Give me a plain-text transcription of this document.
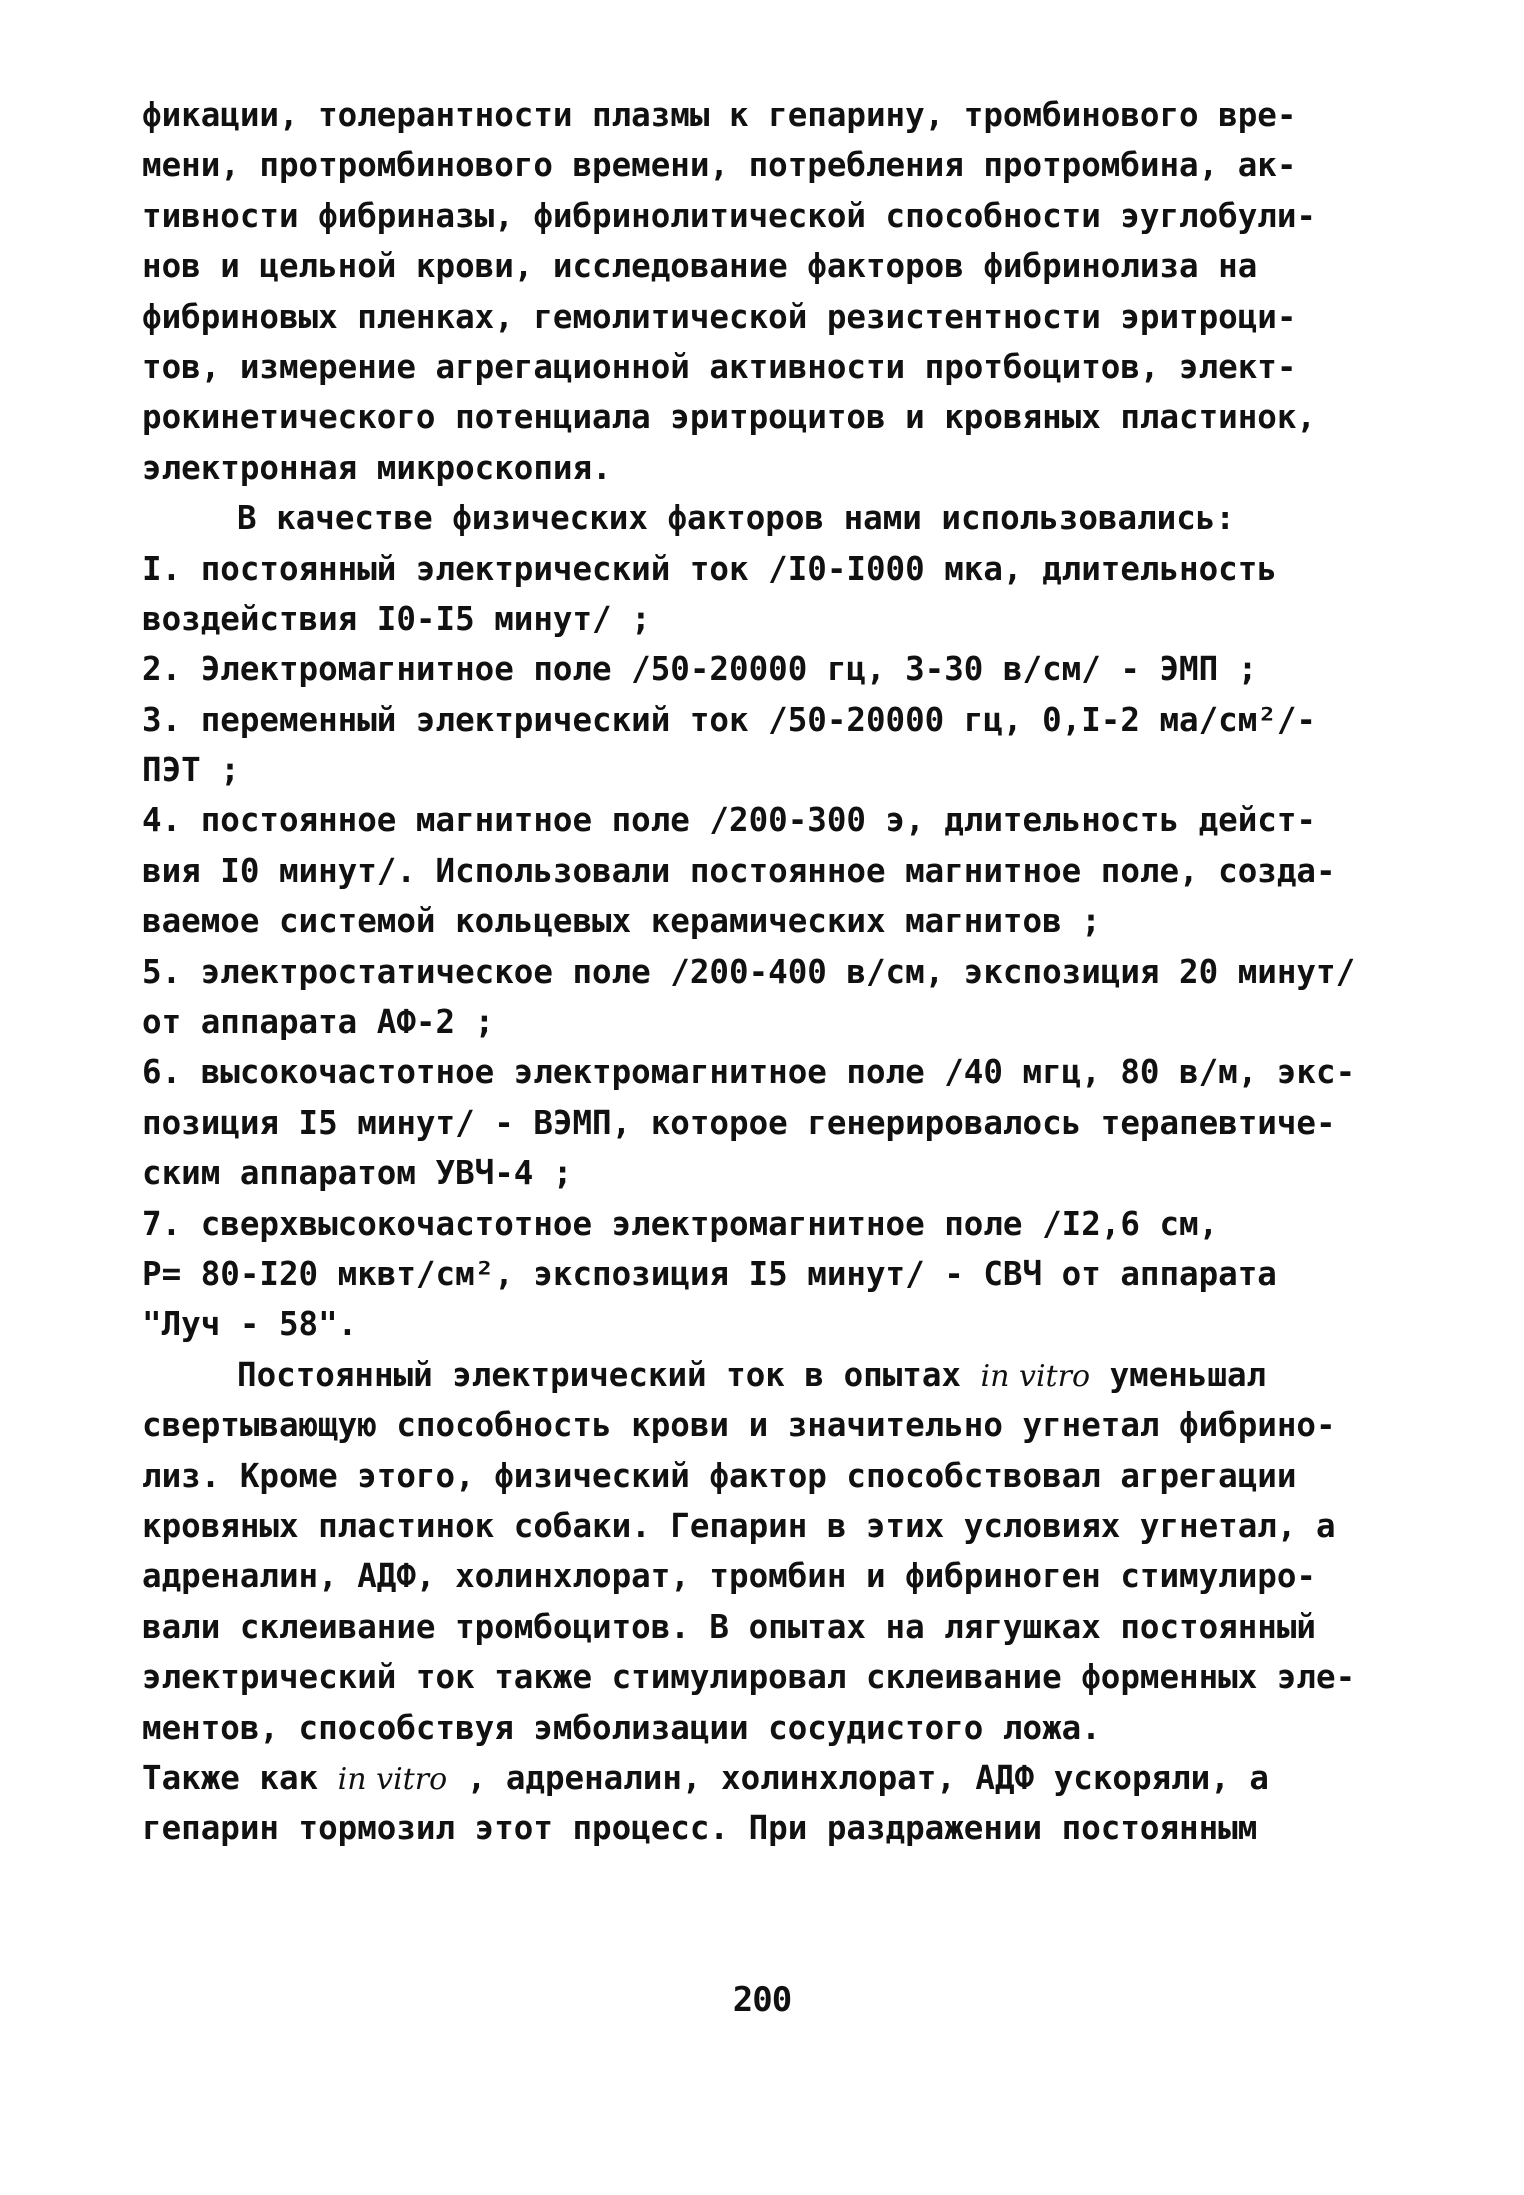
фикации, толерантности плазмы к гепарину, тромбинового вре-
мени, протромбинового времени, потребления протромбина, ак-
тивности фибриназы, фибринолитической способности эуглобули-
нов и цельной крови, исследование факторов фибринолиза на
фибриновых пленках, гемолитической резистентности эритроци-
тов, измерение агрегационной активности протбоцитов, элект-
рокинетического потенциала эритроцитов и кровяных пластинок,
электронная микроскопия.
В качестве физических факторов нами использовались:
I. постоянный электрический ток /I0-I000 мка, длительность
воздействия I0-I5 минут/ ;
2. Электромагнитное поле /50-20000 гц, 3-30 в/см/ - ЭМП ;
3. переменный электрический ток /50-20000 гц, 0,I-2 ма/см²/-
ПЭТ ;
4. постоянное магнитное поле /200-300 э, длительность дейст-
вия I0 минут/. Использовали постоянное магнитное поле, созда-
ваемое системой кольцевых керамических магнитов ;
5. электростатическое поле /200-400 в/см, экспозиция 20 минут/
от аппарата АФ-2 ;
6. высокочастотное электромагнитное поле /40 мгц, 80 в/м, экс-
позиция I5 минут/ - ВЭМП, которое генерировалось терапевтиче-
ским аппаратом УВЧ-4 ;
7. сверхвысокочастотное электромагнитное поле /I2,6 см,
Р= 80-I20 мквт/см², экспозиция I5 минут/ - СВЧ от аппарата
"Луч - 58".
Постоянный электрический ток в опытах in vitro уменьшал
свертывающую способность крови и значительно угнетал фибрино-
лиз. Кроме этого, физический фактор способствовал агрегации
кровяных пластинок собаки. Гепарин в этих условиях угнетал, а
адреналин, АДФ, холинхлорат, тромбин и фибриноген стимулиро-
вали склеивание тромбоцитов. В опытах на лягушках постоянный
электрический ток также стимулировал склеивание форменных эле-
ментов, способствуя эмболизации сосудистого ложа.
Также как in vitro , адреналин, холинхлорат, АДФ ускоряли, а
гепарин тормозил этот процесс. При раздражении постоянным
200
